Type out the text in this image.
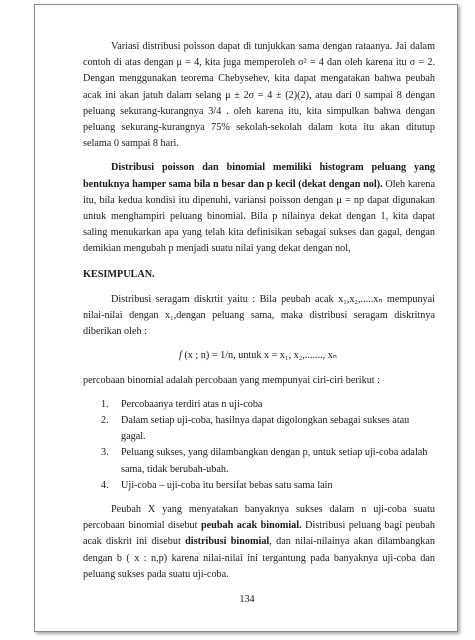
Variasi distribusi poisson dapat di tunjukkan sama dengan rataanya. Jai dalam contoh di atas dengan μ = 4, kita juga memperoleh σ² = 4 dan oleh karena itu σ = 2. Dengan menggunakan teorema Chebysehev, kita dapat mengatakan bahwa peubah acak ini akan jatuh dalam selang μ ± 2σ = 4 ± (2)(2), atau dari 0 sampai 8 dengan peluang sekurang-kurangnya 3/4 . oleh karena itu, kita simpulkan bahwa dengan peluang sekurang-kurangnya 75% sekolah-sekolah dalam kota itu akan ditutup selama 0 sampai 8 hari.

Distribusi poisson dan binomial memiliki histogram peluang yang bentuknya hamper sama bila n besar dan p kecil (dekat dengan nol). Oleh karena itu, bila kedua kondisi itu dipenuhi, variansi poisson dengan μ = np dapat digunakan untuk menghampiri peluang binomial. Bila p nilainya dekat dengan 1, kita dapat saling menukarkan apa yang telah kita definisikan sebagai sukses dan gagal, dengan demikian mengubah p menjadi suatu nilai yang dekat dengan nol,

KESIMPULAN.

Distribusi seragam diskrtit yaitu : Bila peubah acak x₁,x₂,.....xₙ mempunyai nilai-nilai dengan x₁,dengan peluang sama, maka distribusi seragam diskritnya diberikan oleh :

f (x ; n) = 1/n, untuk x = x₁, x₂,......., xₙ

percobaan binomial adalah percobaan yang mempunyai ciri-ciri berikut :

1. Percobaanya terdiri atas n uji-coba
2. Dalam setiap uji-coba, hasilnya dapat digolongkan sebagai sukses atau gagal.
3. Peluang sukses, yang dilambangkan dengan p, untuk setiap uji-coba adalah sama, tidak berubah-ubah.
4. Uji-coba – uji-coba itu bersifat bebas satu sama lain

Peubah X yang menyatakan banyaknya sukses dalam n uji-coba suatu percobaan binomial disebut peubah acak binomial. Distribusi peluang bagi peubah acak diskrit ini disebut distribusi binomial, dan nilai-nilainya akan dilambangkan dengan b ( x : n,p) karena nilai-nilai ini tergantung pada banyaknya uji-coba dan peluang sukses pada suatu uji-coba.

134
